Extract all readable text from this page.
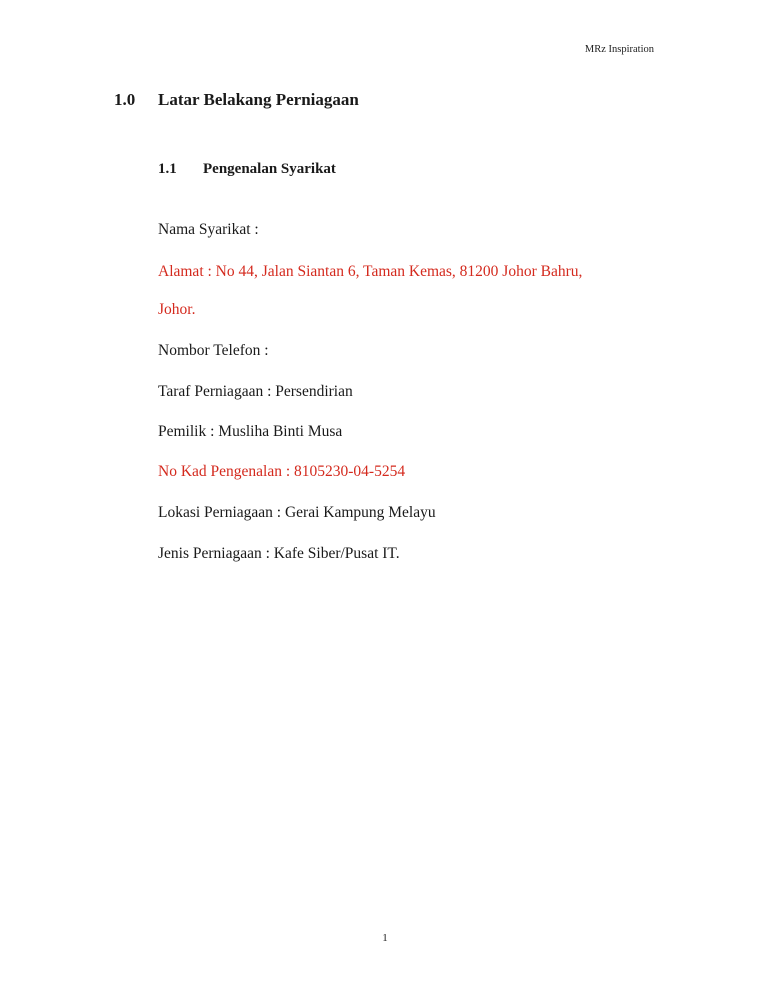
MRz Inspiration
1.0 Latar Belakang Perniagaan
1.1 Pengenalan Syarikat
Nama Syarikat :
Alamat : No 44, Jalan Siantan 6, Taman Kemas, 81200 Johor Bahru,
Johor.
Nombor Telefon :
Taraf Perniagaan : Persendirian
Pemilik : Musliha Binti Musa
No Kad Pengenalan : 8105230-04-5254
Lokasi Perniagaan : Gerai Kampung Melayu
Jenis Perniagaan : Kafe Siber/Pusat IT.
1
